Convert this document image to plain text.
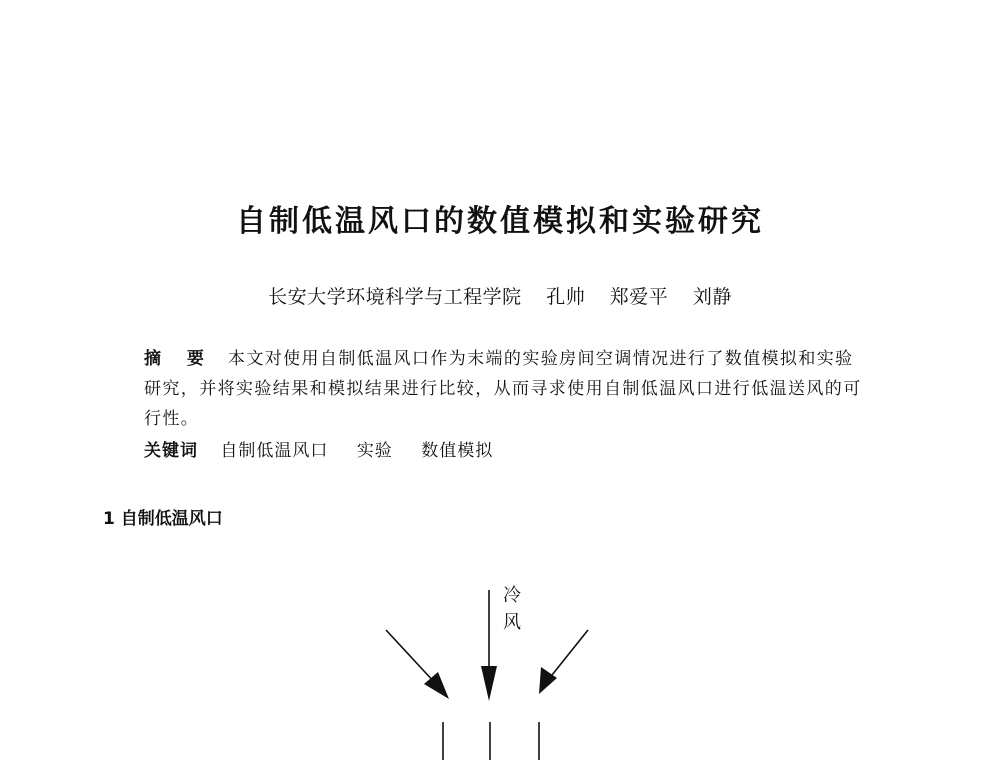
自制低温风口的数值模拟和实验研究
长安大学环境科学与工程学院 孔帅 郑爱平 刘静
摘 要 本文对使用自制低温风口作为末端的实验房间空调情况进行了数值模拟和实验研究，并将实验结果和模拟结果进行比较，从而寻求使用自制低温风口进行低温送风的可行性。
关键词 自制低温风口 实验 数值模拟
1 自制低温风口
冷
风
